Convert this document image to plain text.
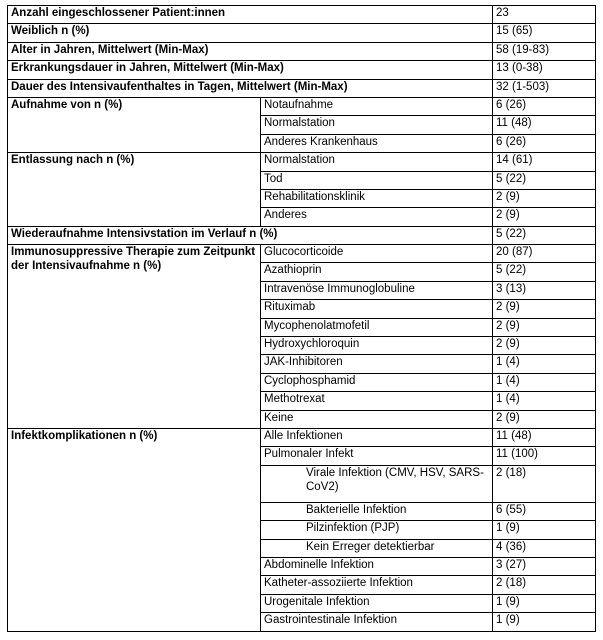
Anzahl eingeschlossener Patient:innen		23
Weiblich n (%)		15 (65)
Alter in Jahren, Mittelwert (Min-Max)		58 (19-83)
Erkrankungsdauer in Jahren, Mittelwert (Min-Max)		13 (0-38)
Dauer des Intensivaufenthaltes in Tagen, Mittelwert (Min-Max)		32 (1-503)
Aufnahme von n (%)	Notaufnahme	6 (26)
	Normalstation	11 (48)
	Anderes Krankenhaus	6 (26)
Entlassung nach n (%)	Normalstation	14 (61)
	Tod	5 (22)
	Rehabilitationsklinik	2 (9)
	Anderes	2 (9)
Wiederaufnahme Intensivstation im Verlauf n (%)		5 (22)
Immunosuppressive Therapie zum Zeitpunkt der Intensivaufnahme n (%)	Glucocorticoide	20 (87)
	Azathioprin	5 (22)
	Intravenöse Immunoglobuline	3 (13)
	Rituximab	2 (9)
	Mycophenolatmofetil	2 (9)
	Hydroxychloroquin	2 (9)
	JAK-Inhibitoren	1 (4)
	Cyclophosphamid	1 (4)
	Methotrexat	1 (4)
	Keine	2 (9)
Infektkomplikationen n (%)	Alle Infektionen	11 (48)
	Pulmonaler Infekt	11 (100)
	Virale Infektion (CMV, HSV, SARS-CoV2)	2 (18)
	Bakterielle Infektion	6 (55)
	Pilzinfektion (PJP)	1 (9)
	Kein Erreger detektierbar	4 (36)
	Abdominelle Infektion	3 (27)
	Katheter-assoziierte Infektion	2 (18)
	Urogenitale Infektion	1 (9)
	Gastrointestinale Infektion	1 (9)
